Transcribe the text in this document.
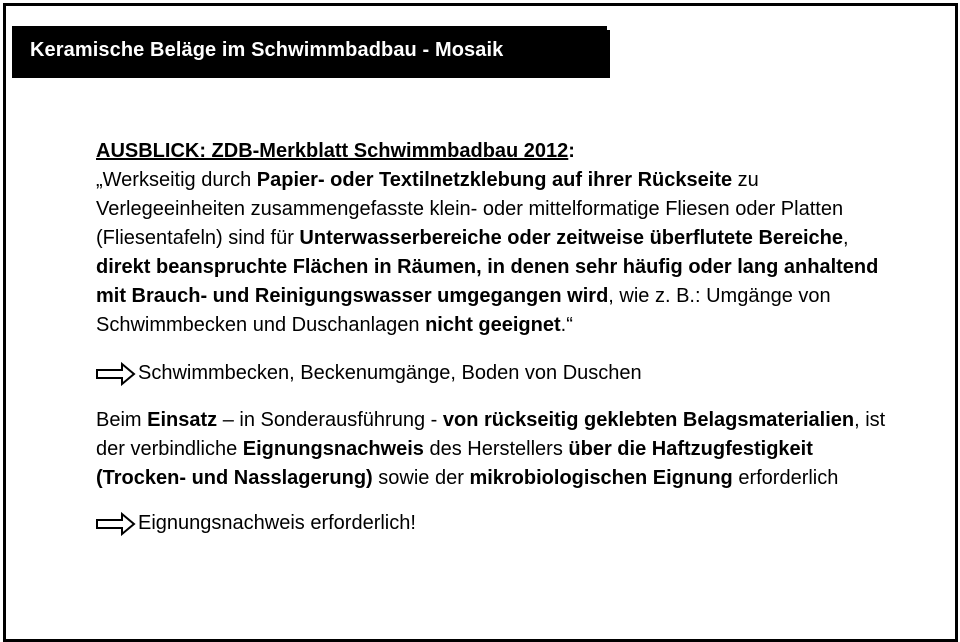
Keramische Beläge im Schwimmbadbau - Mosaik
AUSBLICK: ZDB-Merkblatt Schwimmbadbau 2012:

„Werkseitig durch Papier- oder Textilnetzklebung auf ihrer Rückseite zu Verlegeeinheiten zusammengefasste klein- oder mittelformatige Fliesen oder Platten (Fliesentafeln) sind für Unterwasserbereiche oder zeitweise überflutete Bereiche, direkt beanspruchte Flächen in Räumen, in denen sehr häufig oder lang anhaltend mit Brauch- und Reinigungswasser umgegangen wird, wie z. B.: Umgänge von Schwimmbecken und Duschanlagen nicht geeignet.“

Schwimmbecken, Beckenumgänge, Boden von Duschen

Beim Einsatz – in Sonderausführung - von rückseitig geklebten Belagsmaterialien, ist der verbindliche Eignungsnachweis des Herstellers über die Haftzugfestigkeit (Trocken- und Nasslagerung) sowie der mikrobiologischen Eignung erforderlich

Eignungsnachweis erforderlich!
